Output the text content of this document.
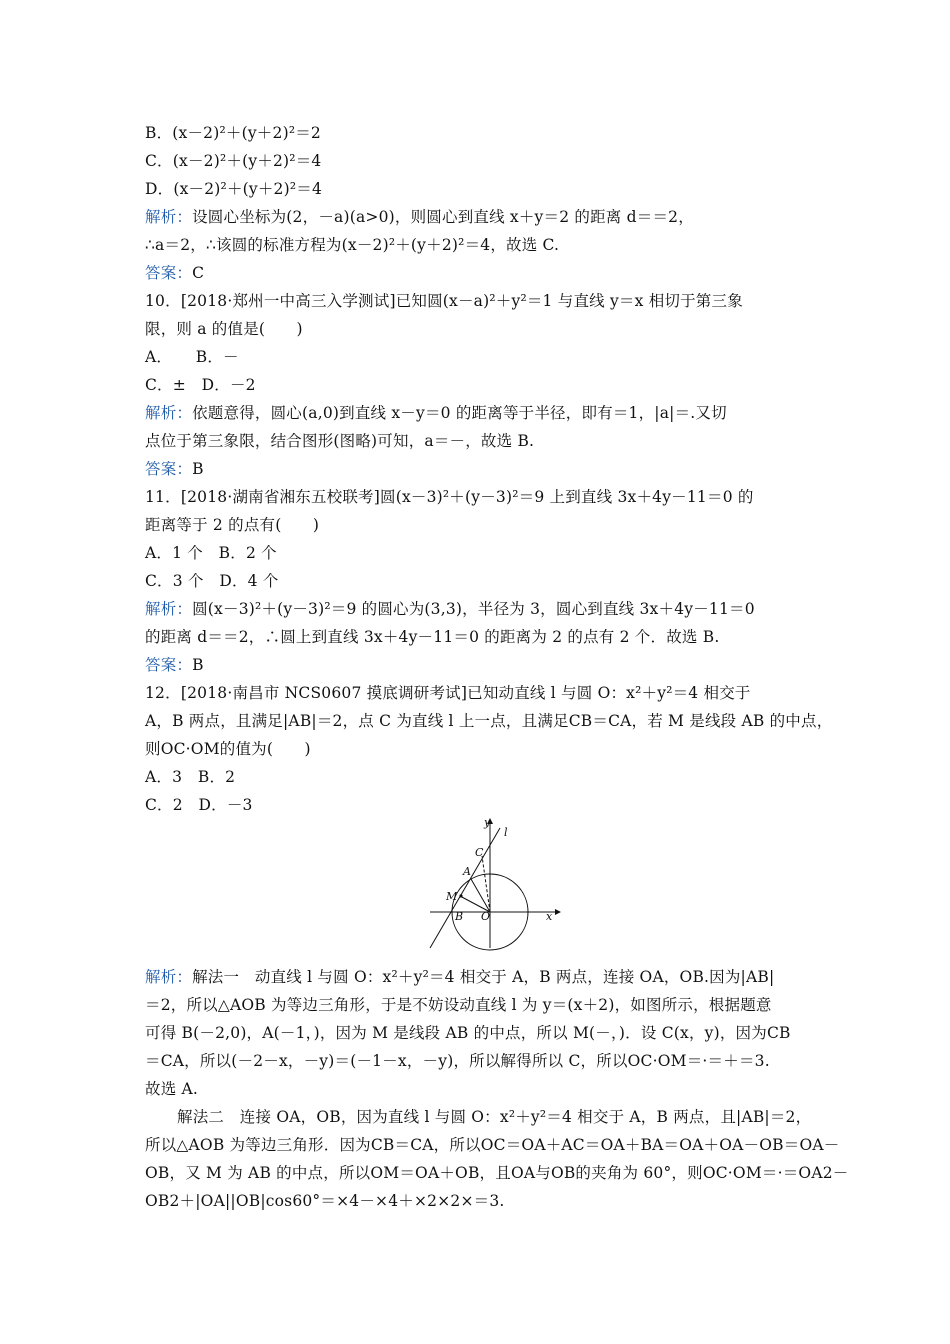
B．(x－2)²＋(y＋2)²＝2
C．(x－2)²＋(y＋2)²＝4
D．(x－2)²＋(y＋2)²＝4
解析：设圆心坐标为(2，－a)(a>0)，则圆心到直线 x＋y＝2 的距离 d＝＝2，
∴a＝2，∴该圆的标准方程为(x－2)²＋(y＋2)²＝4，故选 C.
答案：C
10．[2018·郑州一中高三入学测试]已知圆(x－a)²＋y²＝1 与直线 y＝x 相切于第三象
限，则 a 的值是(　　)
A．　　B．－
C．±　D．－2
解析：依题意得，圆心(a,0)到直线 x－y＝0 的距离等于半径，即有＝1，|a|＝.又切
点位于第三象限，结合图形(图略)可知，a＝－，故选 B.
答案：B
11．[2018·湖南省湘东五校联考]圆(x－3)²＋(y－3)²＝9 上到直线 3x＋4y－11＝0 的
距离等于 2 的点有(　　)
A．1 个　B．2 个
C．3 个　D．4 个
解析：圆(x－3)²＋(y－3)²＝9 的圆心为(3,3)，半径为 3，圆心到直线 3x＋4y－11＝0
的距离 d＝＝2，∴圆上到直线 3x＋4y－11＝0 的距离为 2 的点有 2 个．故选 B.
答案：B
12．[2018·南昌市 NCS0607 摸底调研考试]已知动直线 l 与圆 O：x²＋y²＝4 相交于
A，B 两点，且满足|AB|＝2，点 C 为直线 l 上一点，且满足CB＝CA，若 M 是线段 AB 的中点，
则OC·OM的值为(　　)
A．3　B．2
C．2　D．－3
y
l
C
A
M
B O	x
解析：解法一　动直线 l 与圆 O：x²＋y²＝4 相交于 A，B 两点，连接 OA，OB.因为|AB|
＝2，所以△AOB 为等边三角形，于是不妨设动直线 l 为 y＝(x＋2)，如图所示，根据题意
可得 B(－2,0)，A(－1，)，因为 M 是线段 AB 的中点，所以 M(－，)．设 C(x，y)，因为CB
＝CA，所以(－2－x，－y)＝(－1－x，－y)，所以解得所以 C，所以OC·OM＝·＝＋＝3.
故选 A.
解法二　连接 OA，OB，因为直线 l 与圆 O：x²＋y²＝4 相交于 A，B 两点，且|AB|＝2，
所以△AOB 为等边三角形．因为CB＝CA，所以OC＝OA＋AC＝OA＋BA＝OA＋OA－OB＝OA－
OB，又 M 为 AB 的中点，所以OM＝OA＋OB，且OA与OB的夹角为 60°，则OC·OM＝·＝OA2－
OB2＋|OA||OB|cos60°＝×4－×4＋×2×2×＝3.
